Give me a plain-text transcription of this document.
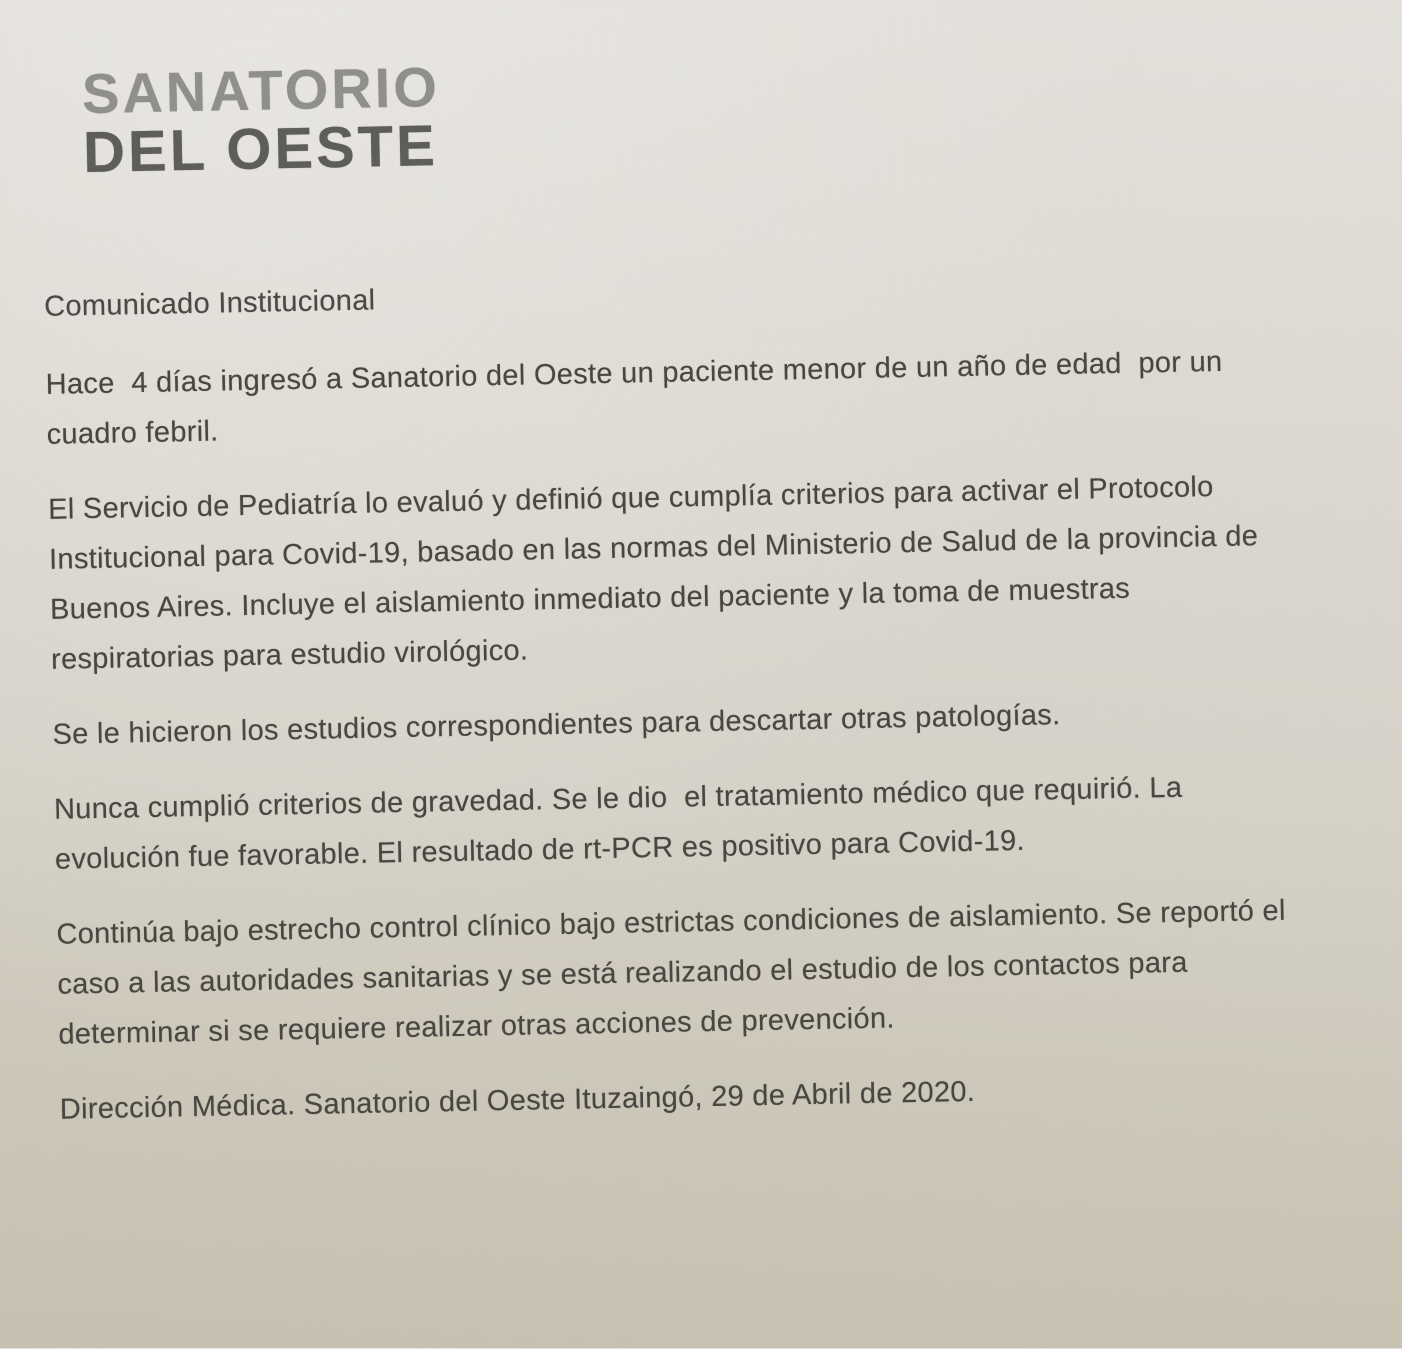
SANATORIO
DEL OESTE

Comunicado Institucional

Hace  4 días ingresó a Sanatorio del Oeste un paciente menor de un año de edad  por un
cuadro febril.

El Servicio de Pediatría lo evaluó y definió que cumplía criterios para activar el Protocolo
Institucional para Covid-19, basado en las normas del Ministerio de Salud de la provincia de
Buenos Aires. Incluye el aislamiento inmediato del paciente y la toma de muestras
respiratorias para estudio virológico.

Se le hicieron los estudios correspondientes para descartar otras patologías.

Nunca cumplió criterios de gravedad. Se le dio  el tratamiento médico que requirió. La
evolución fue favorable. El resultado de rt-PCR es positivo para Covid-19.

Continúa bajo estrecho control clínico bajo estrictas condiciones de aislamiento. Se reportó el
caso a las autoridades sanitarias y se está realizando el estudio de los contactos para
determinar si se requiere realizar otras acciones de prevención.

Dirección Médica. Sanatorio del Oeste Ituzaingó, 29 de Abril de 2020.
